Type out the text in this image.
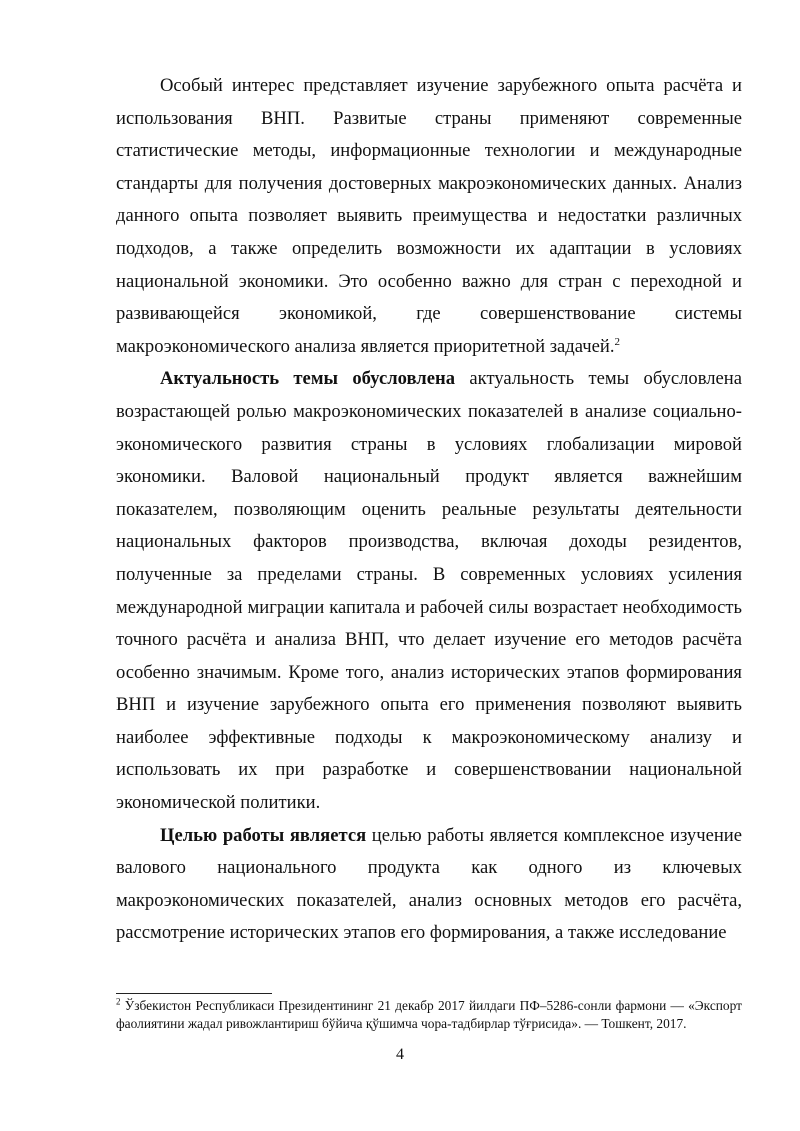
Особый интерес представляет изучение зарубежного опыта расчёта и использования ВНП. Развитые страны применяют современные статистические методы, информационные технологии и международные стандарты для получения достоверных макроэкономических данных. Анализ данного опыта позволяет выявить преимущества и недостатки различных подходов, а также определить возможности их адаптации в условиях национальной экономики. Это особенно важно для стран с переходной и развивающейся экономикой, где совершенствование системы макроэкономического анализа является приоритетной задачей.$^2$

Актуальность темы обусловлена актуальность темы обусловлена возрастающей ролью макроэкономических показателей в анализе социально-экономического развития страны в условиях глобализации мировой экономики. Валовой национальный продукт является важнейшим показателем, позволяющим оценить реальные результаты деятельности национальных факторов производства, включая доходы резидентов, полученные за пределами страны. В современных условиях усиления международной миграции капитала и рабочей силы возрастает необходимость точного расчёта и анализа ВНП, что делает изучение его методов расчёта особенно значимым. Кроме того, анализ исторических этапов формирования ВНП и изучение зарубежного опыта его применения позволяют выявить наиболее эффективные подходы к макроэкономическому анализу и использовать их при разработке и совершенствовании национальной экономической политики.

Целью работы является целью работы является комплексное изучение валового национального продукта как одного из ключевых макроэкономических показателей, анализ основных методов его расчёта, рассмотрение исторических этапов его формирования, а также исследование

$^2$ Ўзбекистон Республикаси Президентининг 21 декабр 2017 йилдаги ПФ–5286-сонли фармони — «Экспорт фаолиятини жадал ривожлантириш бўйича қўшимча чора-тадбирлар тўғрисида». — Тошкент, 2017.
4
